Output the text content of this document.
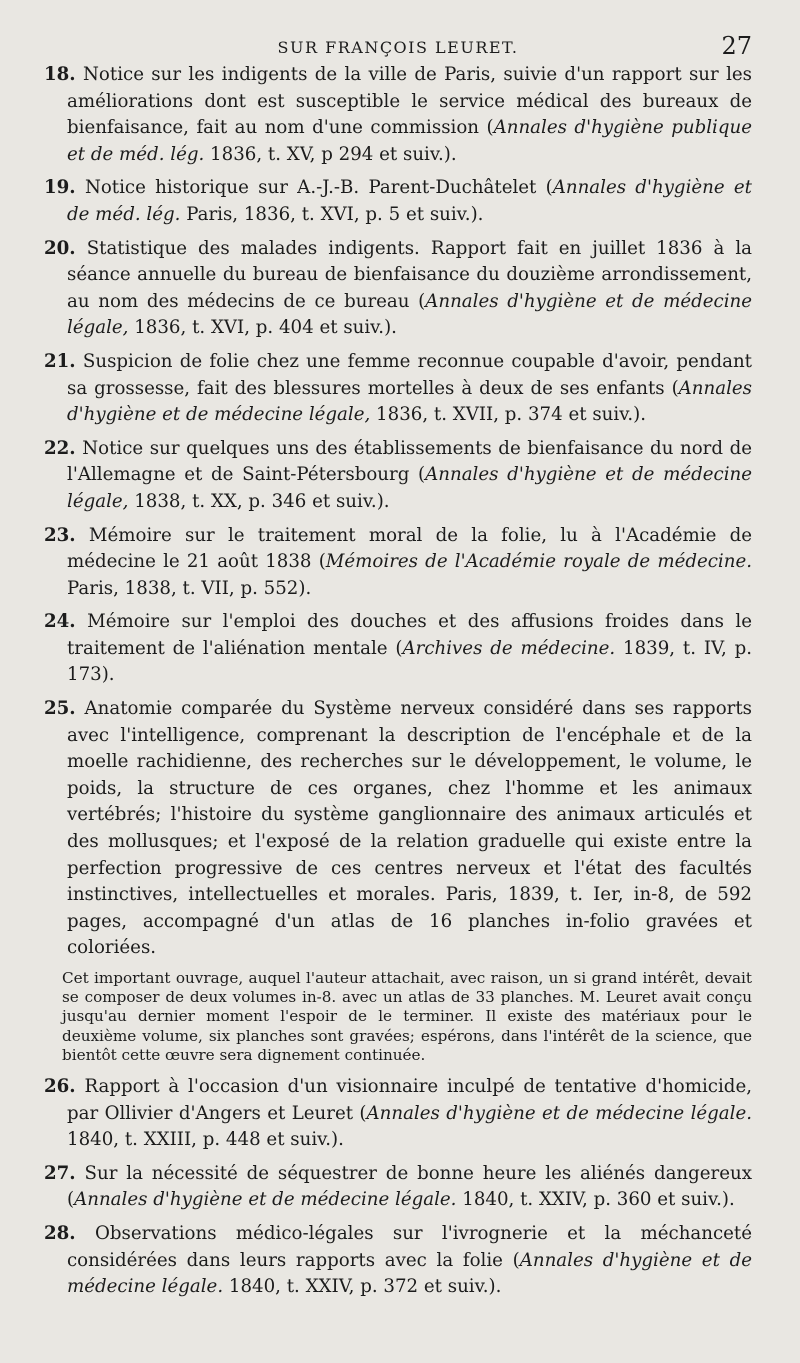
SUR FRANÇOIS LEURET.	27
18. Notice sur les indigents de la ville de Paris, suivie d'un rapport sur les améliorations dont est susceptible le service médical des bureaux de bienfaisance, fait au nom d'une commission (Annales d'hygiène publique et de méd. lég. 1836, t. XV, p 294 et suiv.).
19. Notice historique sur A.-J.-B. Parent-Duchâtelet (Annales d'hygiène et de méd. lég. Paris, 1836, t. XVI, p. 5 et suiv.).
20. Statistique des malades indigents. Rapport fait en juillet 1836 à la séance annuelle du bureau de bienfaisance du douzième arrondissement, au nom des médecins de ce bureau (Annales d'hygiène et de médecine légale, 1836, t. XVI, p. 404 et suiv.).
21. Suspicion de folie chez une femme reconnue coupable d'avoir, pendant sa grossesse, fait des blessures mortelles à deux de ses enfants (Annales d'hygiène et de médecine légale, 1836, t. XVII, p. 374 et suiv.).
22. Notice sur quelques uns des établissements de bienfaisance du nord de l'Allemagne et de Saint-Pétersbourg (Annales d'hygiène et de médecine légale, 1838, t. XX, p. 346 et suiv.).
23. Mémoire sur le traitement moral de la folie, lu à l'Académie de médecine le 21 août 1838 (Mémoires de l'Académie royale de médecine. Paris, 1838, t. VII, p. 552).
24. Mémoire sur l'emploi des douches et des affusions froides dans le traitement de l'aliénation mentale (Archives de médecine. 1839, t. IV, p. 173).
25. Anatomie comparée du Système nerveux considéré dans ses rapports avec l'intelligence, comprenant la description de l'encéphale et de la moelle rachidienne, des recherches sur le développement, le volume, le poids, la structure de ces organes, chez l'homme et les animaux vertébrés; l'histoire du système ganglionnaire des animaux articulés et des mollusques; et l'exposé de la relation graduelle qui existe entre la perfection progressive de ces centres nerveux et l'état des facultés instinctives, intellectuelles et morales. Paris, 1839, t. Ier, in-8, de 592 pages, accompagné d'un atlas de 16 planches in-folio gravées et coloriées.
Cet important ouvrage, auquel l'auteur attachait, avec raison, un si grand intérêt, devait se composer de deux volumes in-8. avec un atlas de 33 planches. M. Leuret avait conçu jusqu'au dernier moment l'espoir de le terminer. Il existe des matériaux pour le deuxième volume, six planches sont gravées; espérons, dans l'intérêt de la science, que bientôt cette œuvre sera dignement continuée.
26. Rapport à l'occasion d'un visionnaire inculpé de tentative d'homicide, par Ollivier d'Angers et Leuret (Annales d'hygiène et de médecine légale. 1840, t. XXIII, p. 448 et suiv.).
27. Sur la nécessité de séquestrer de bonne heure les aliénés dangereux (Annales d'hygiène et de médecine légale. 1840, t. XXIV, p. 360 et suiv.).
28. Observations médico-légales sur l'ivrognerie et la méchanceté considérées dans leurs rapports avec la folie (Annales d'hygiène et de médecine légale. 1840, t. XXIV, p. 372 et suiv.).
